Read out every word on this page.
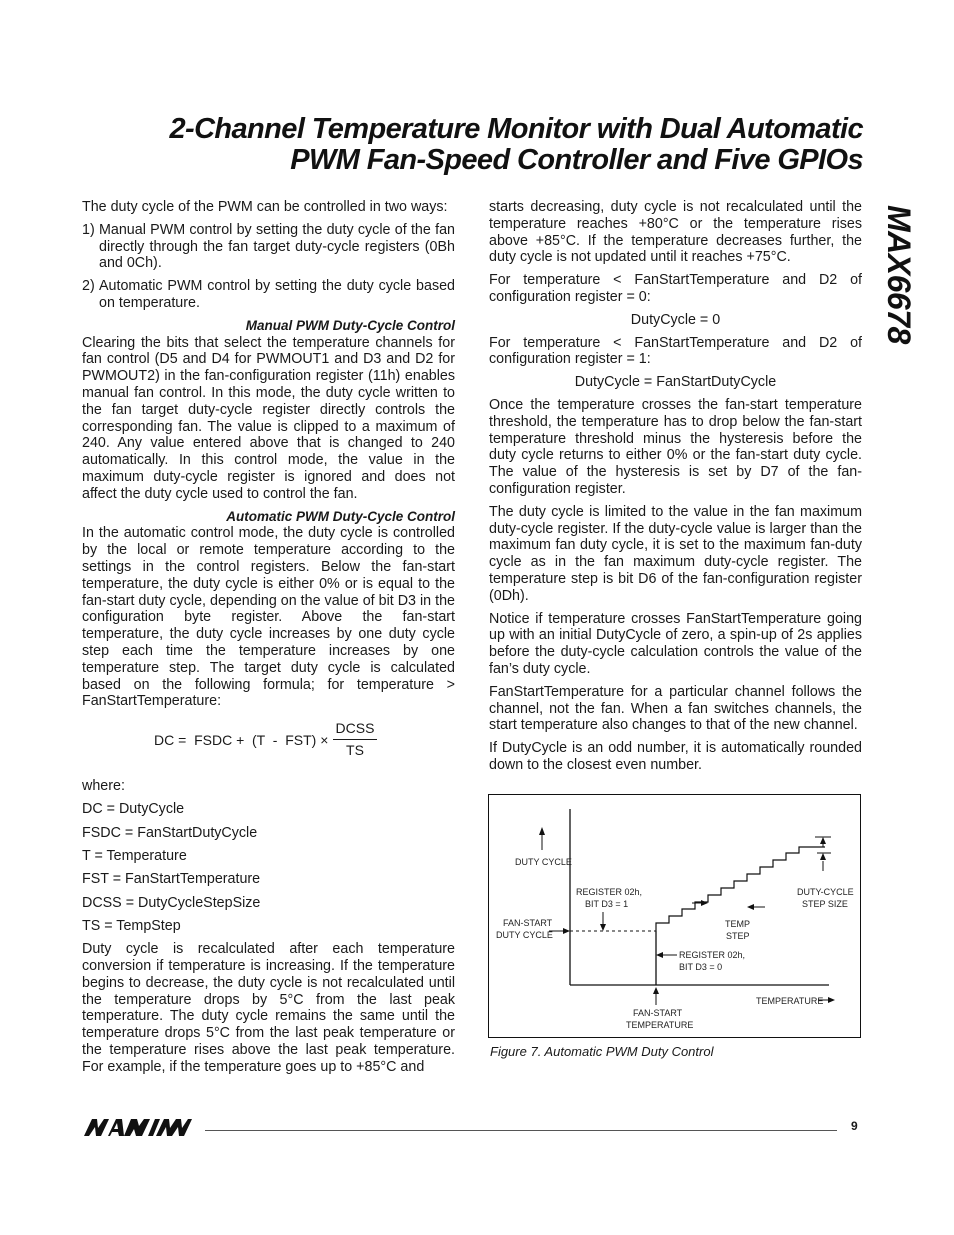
2-Channel Temperature Monitor with Dual Automatic
PWM Fan-Speed Controller and Five GPIOs
MAX6678

The duty cycle of the PWM can be controlled in two ways:

1) Manual PWM control by setting the duty cycle of the fan directly through the fan target duty-cycle registers (0Bh and 0Ch).
2) Automatic PWM control by setting the duty cycle based on temperature.

Manual PWM Duty-Cycle Control

Clearing the bits that select the temperature channels for fan control (D5 and D4 for PWMOUT1 and D3 and D2 for PWMOUT2) in the fan-configuration register (11h) enables manual fan control. In this mode, the duty cycle written to the fan target duty-cycle register directly controls the corresponding fan. The value is clipped to a maximum of 240. Any value entered above that is changed to 240 automatically. In this control mode, the value in the maximum duty-cycle register is ignored and does not affect the duty cycle used to control the fan.

Automatic PWM Duty-Cycle Control

In the automatic control mode, the duty cycle is controlled by the local or remote temperature according to the settings in the control registers. Below the fan-start temperature, the duty cycle is either 0% or is equal to the fan-start duty cycle, depending on the value of bit D3 in the configuration byte register. Above the fan-start temperature, the duty cycle increases by one duty cycle step each time the temperature increases by one temperature step. The target duty cycle is calculated based on the following formula; for temperature > FanStartTemperature:

DC =  FSDC +  (T  -  FST) ×
DCSS
TS

where:

DC = DutyCycle

FSDC = FanStartDutyCycle

T = Temperature

FST = FanStartTemperature

DCSS = DutyCycleStepSize

TS = TempStep

Duty cycle is recalculated after each temperature conversion if temperature is increasing. If the temperature begins to decrease, the duty cycle is not recalculated until the temperature drops by 5°C from the last peak temperature. The duty cycle remains the same until the temperature drops 5°C from the last peak temperature or the temperature rises above the last peak temperature. For example, if the temperature goes up to +85°C and

starts decreasing, duty cycle is not recalculated until the temperature reaches +80°C or the temperature rises above +85°C. If the temperature decreases further, the duty cycle is not updated until it reaches +75°C.

For temperature < FanStartTemperature and D2 of configuration register = 0:

DutyCycle = 0

For temperature < FanStartTemperature and D2 of configuration register = 1:

DutyCycle = FanStartDutyCycle

Once the temperature crosses the fan-start temperature threshold, the temperature has to drop below the fan-start temperature threshold minus the hysteresis before the duty cycle returns to either 0% or the fan-start duty cycle. The value of the hysteresis is set by D7 of the fan-configuration register.

The duty cycle is limited to the value in the fan maximum duty-cycle register. If the duty-cycle value is larger than the maximum fan duty cycle, it is set to the maximum fan-duty cycle as in the fan maximum duty-cycle register. The temperature step is bit D6 of the fan-configuration register (0Dh).

Notice if temperature crosses FanStartTemperature going up with an initial DutyCycle of zero, a spin-up of 2s applies before the duty-cycle calculation controls the value of the fan’s duty cycle.

FanStartTemperature for a particular channel follows the channel, not the fan. When a fan switches channels, the start temperature also changes to that of the new channel.

If DutyCycle is an odd number, it is automatically rounded down to the closest even number.

DUTY CYCLE
FAN-START
DUTY CYCLE
REGISTER 02h,
BIT D3 = 1
REGISTER 02h,
BIT D3 = 0
TEMP
STEP
DUTY-CYCLE
STEP SIZE
FAN-START
TEMPERATURE
TEMPERATURE
Figure 7. Automatic PWM Duty Control
9
